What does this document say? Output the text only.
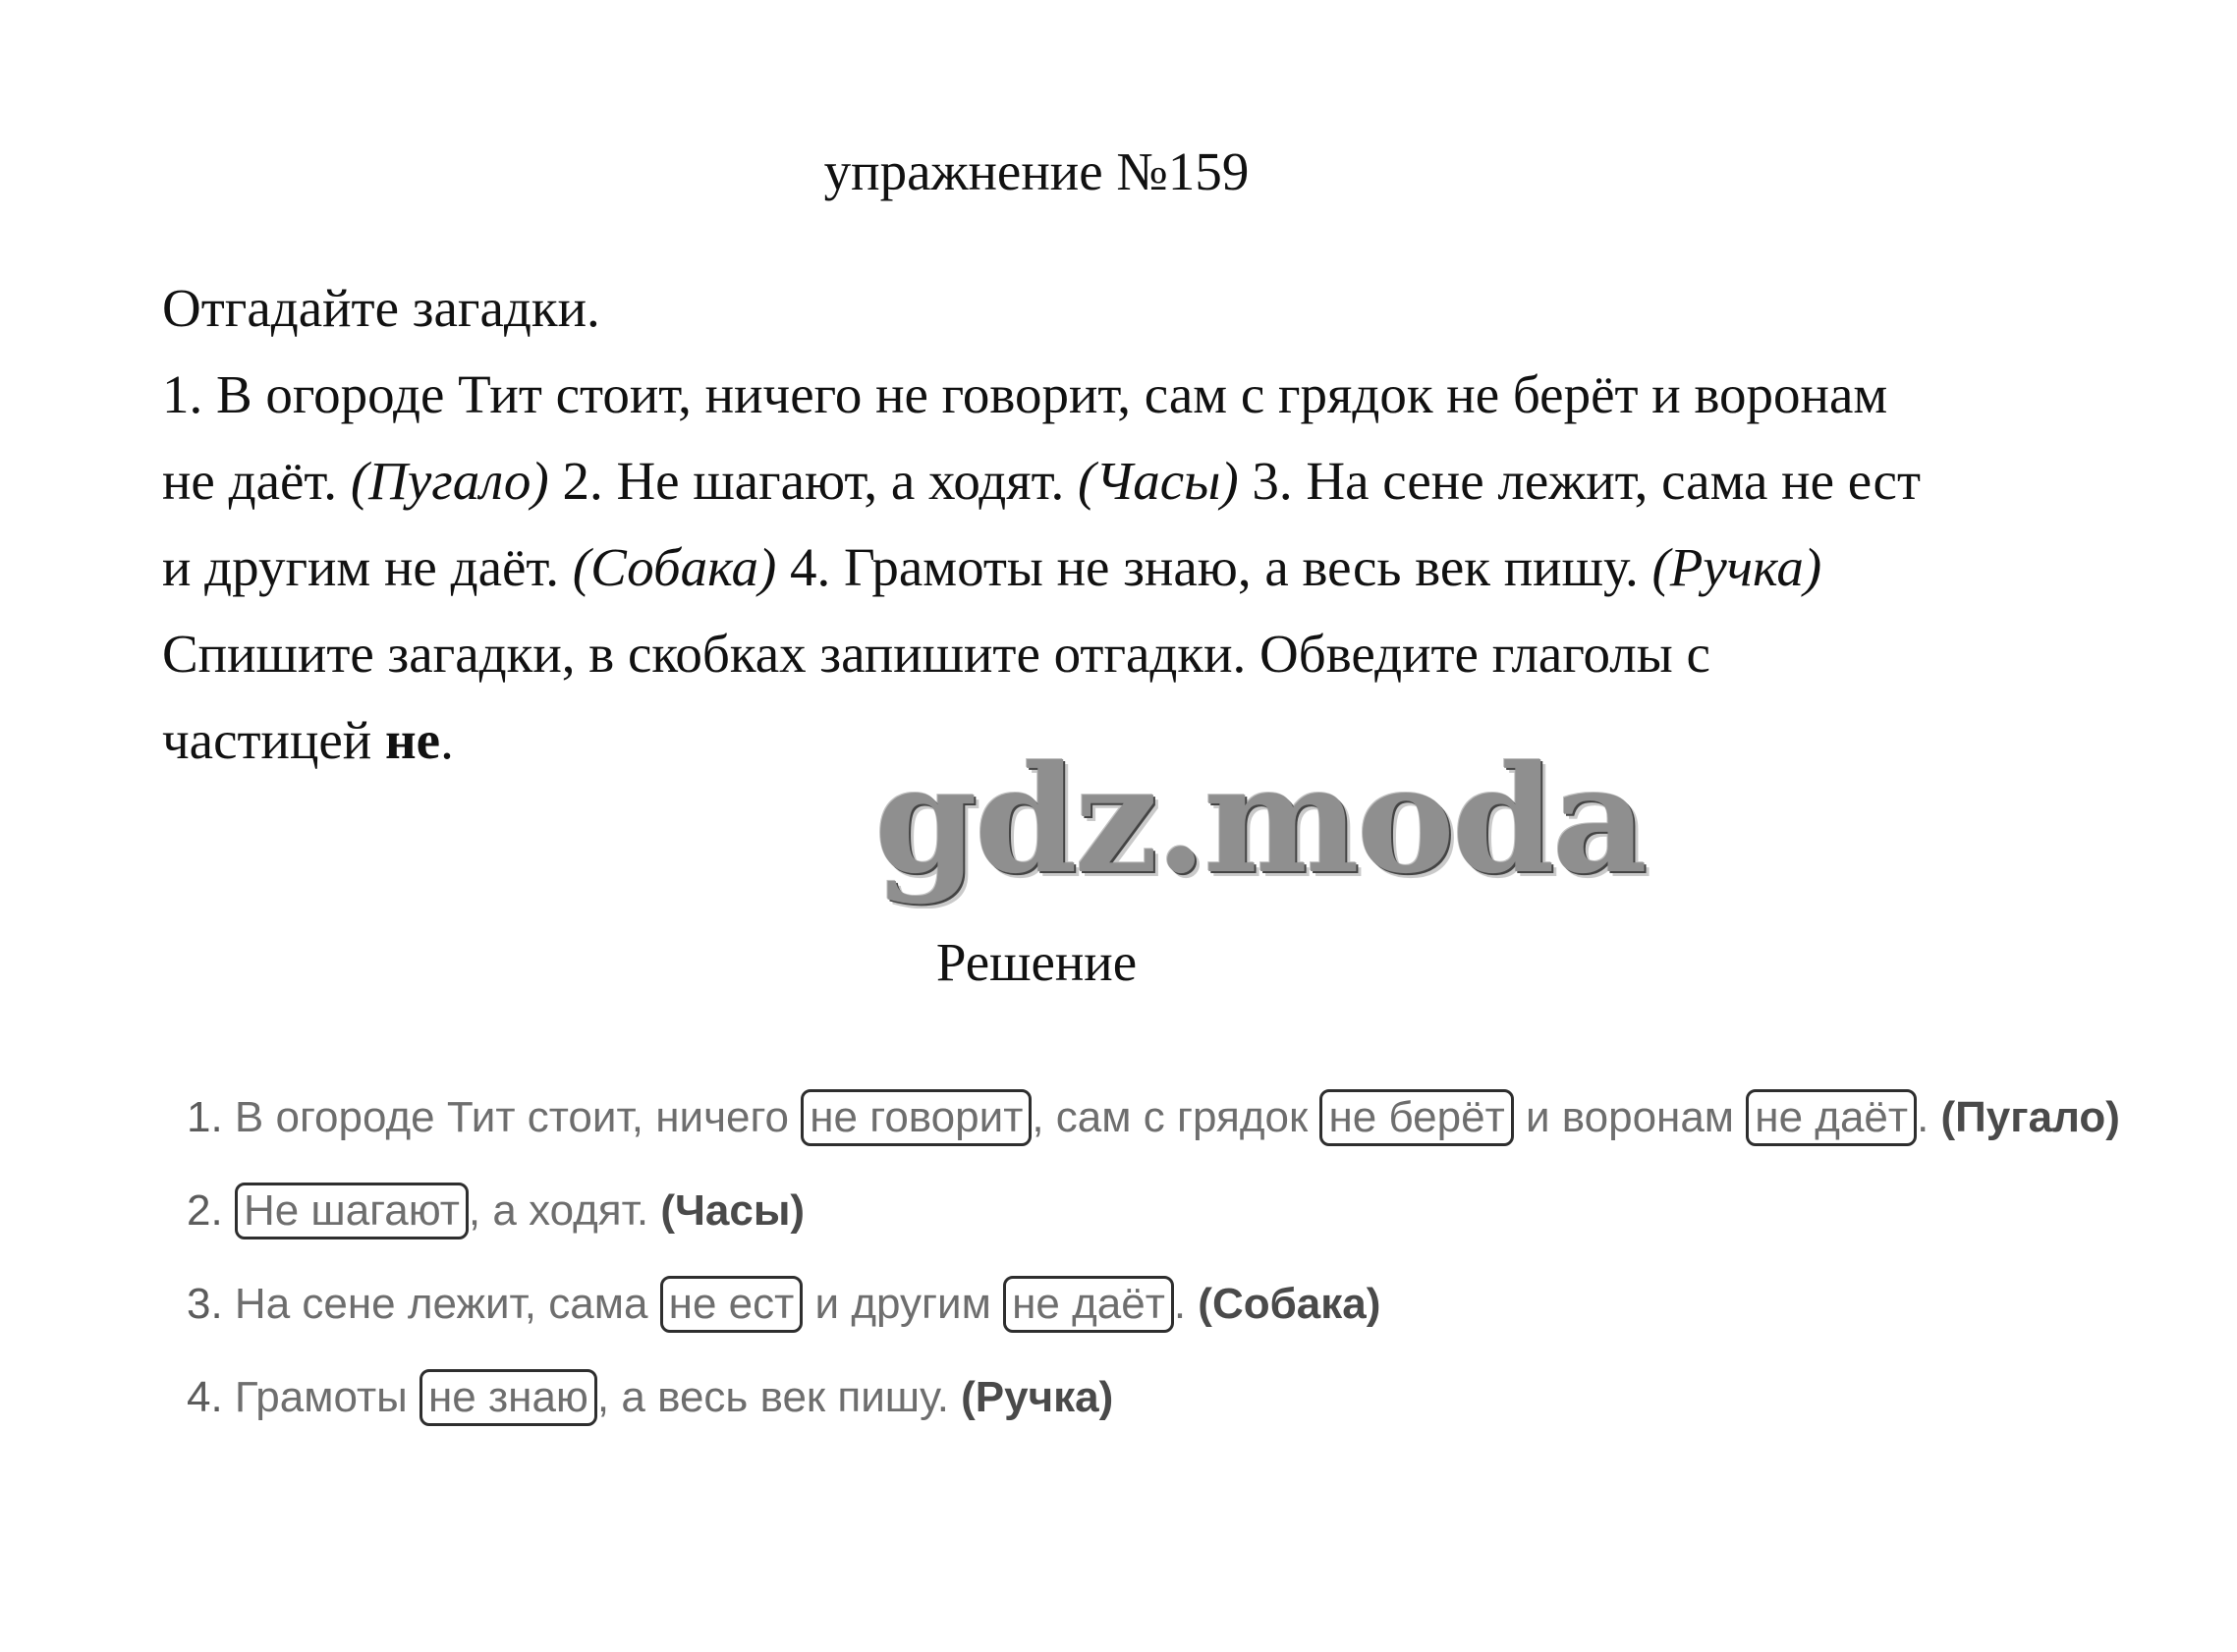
упражнение №159

Отгадайте загадки.

1. В огороде Тит стоит, ничего не говорит, сам с грядок не берёт и воронам не даёт. (Пугало) 2. Не шагают, а ходят. (Часы) 3. На сене лежит, сама не ест и другим не даёт. (Собака) 4. Грамоты не знаю, а весь век пишу. (Ручка)

Спишите загадки, в скобках запишите отгадки. Обведите глаголы с частицей не.	gdz.moda
Решение
1. В огороде Тит стоит, ничего не говорит , сам с грядок не берёт и воронам не даёт . (Пугало)
2. Не шагают , а ходят. (Часы)
3. На сене лежит, сама не ест и другим не даёт . (Собака)
4. Грамоты не знаю , а весь век пишу. (Ручка)
